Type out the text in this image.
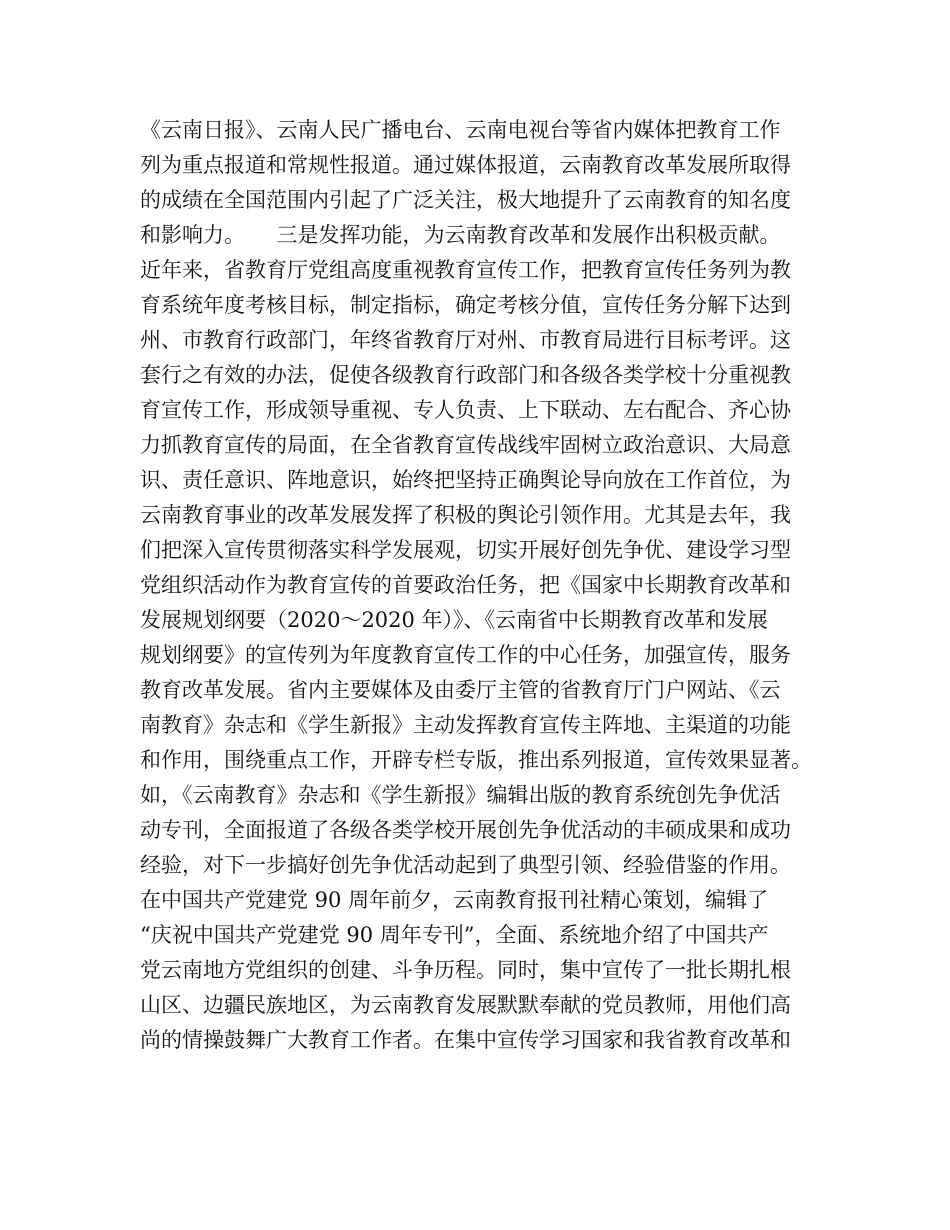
《云南日报》、云南人民广播电台、云南电视台等省内媒体把教育工作
列为重点报道和常规性报道。通过媒体报道，云南教育改革发展所取得
的成绩在全国范围内引起了广泛关注，极大地提升了云南教育的知名度
和影响力。　　三是发挥功能，为云南教育改革和发展作出积极贡献。
近年来，省教育厅党组高度重视教育宣传工作，把教育宣传任务列为教
育系统年度考核目标，制定指标，确定考核分值，宣传任务分解下达到
州、市教育行政部门，年终省教育厅对州、市教育局进行目标考评。这
套行之有效的办法，促使各级教育行政部门和各级各类学校十分重视教
育宣传工作，形成领导重视、专人负责、上下联动、左右配合、齐心协
力抓教育宣传的局面，在全省教育宣传战线牢固树立政治意识、大局意
识、责任意识、阵地意识，始终把坚持正确舆论导向放在工作首位，为
云南教育事业的改革发展发挥了积极的舆论引领作用。尤其是去年，我
们把深入宣传贯彻落实科学发展观，切实开展好创先争优、建设学习型
党组织活动作为教育宣传的首要政治任务，把《国家中长期教育改革和
发展规划纲要（2020～2020 年）》、《云南省中长期教育改革和发展
规划纲要》的宣传列为年度教育宣传工作的中心任务，加强宣传，服务
教育改革发展。省内主要媒体及由委厅主管的省教育厅门户网站、《云
南教育》杂志和《学生新报》主动发挥教育宣传主阵地、主渠道的功能
和作用，围绕重点工作，开辟专栏专版，推出系列报道，宣传效果显著。
如，《云南教育》杂志和《学生新报》编辑出版的教育系统创先争优活
动专刊，全面报道了各级各类学校开展创先争优活动的丰硕成果和成功
经验，对下一步搞好创先争优活动起到了典型引领、经验借鉴的作用。
在中国共产党建党 90 周年前夕，云南教育报刊社精心策划，编辑了
“庆祝中国共产党建党 90 周年专刊”，全面、系统地介绍了中国共产
党云南地方党组织的创建、斗争历程。同时，集中宣传了一批长期扎根
山区、边疆民族地区，为云南教育发展默默奉献的党员教师，用他们高
尚的情操鼓舞广大教育工作者。在集中宣传学习国家和我省教育改革和
